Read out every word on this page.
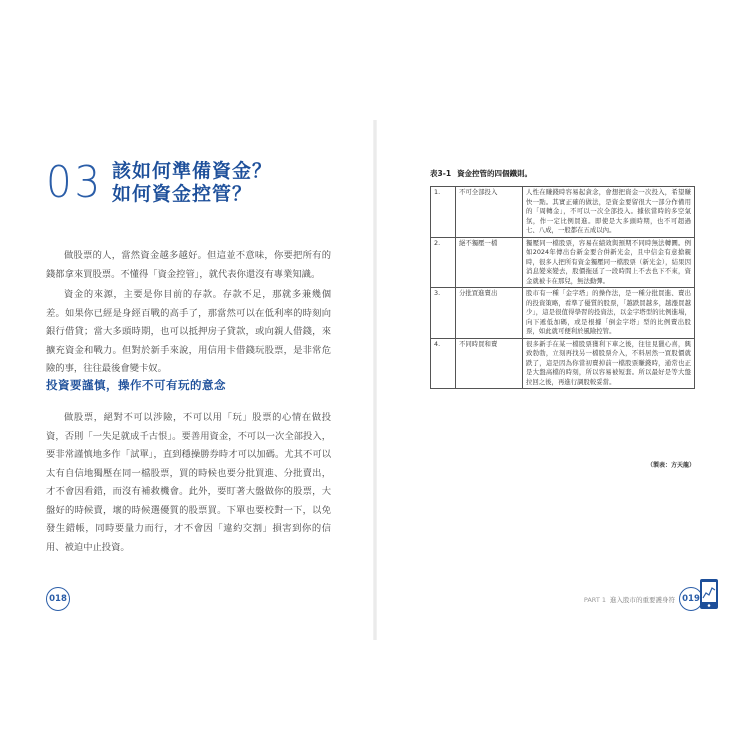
03 該如何準備資金？
如何資金控管？

做股票的人，當然資金越多越好。但這並不意味，你要把所有的錢都拿來買股票。不懂得「資金控管」，就代表你還沒有專業知識。

資金的來源，主要是你目前的存款。存款不足，那就多兼幾個差。如果你已經是身經百戰的高手了，那當然可以在低利率的時刻向銀行借貸；當大多頭時期，也可以抵押房子貸款，或向親人借錢，來擴充資金和戰力。但對於新手來說，用信用卡借錢玩股票，是非常危險的事，往往最後會變卡奴。

投資要謹慎，操作不可有玩的意念

做股票，絕對不可以涉險，不可以用「玩」股票的心情在做投資，否則「一失足就成千古恨」。要善用資金，不可以一次全部投入，要非常謹慎地多作「試單」，直到穩操勝券時才可以加碼。尤其不可以太有自信地獨壓在同一檔股票，買的時候也要分批買進、分批賣出，才不會因看錯，而沒有補救機會。此外，要盯著大盤做你的股票，大盤好的時候賣，壞的時候選優質的股票買。下單也要校對一下，以免發生錯帳，同時要量力而行，才不會因「違約交割」損害到你的信用、被迫中止投資。

018
表3-1 資金控管的四個鐵則。
1.	不可全部投入	人性在賺錢時容易起貪念，會想把資金一次投入，希望賺快一點。其實正確的做法，是資金要留很大一部分作備用的「周轉金」，不可以一次全部投入。據依當時的多空氣氛，作一定比例買進。即使是大多頭時期，也不可超過七、八成，一般都在五成以內。
2.	絕不獨壓一檔	獨壓同一檔股票，容易在績效與預期不同時無法轉圜。例如2024年傳出台新金要合併新光金，且中信金有意搶親時，很多人把所有資金獨壓同一檔股票（新光金），結果因消息變來變去，股價拖延了一段時間上不去也下不來，資金就被卡在那兒，無法動彈。
3.	分批買進賣出	股市有一種「金字塔」的操作法，是一種分批買進、賣出的投資策略，看準了優質的股票，「越跌買越多，越漲買越少」，這是很值得學習的投資法，以金字塔型的比例進場，向下遞低加碼，或是根據「倒金字塔」型的比例賣出股票，如此就可便利於風險控管。
4.	不同時買和賣	很多新手在某一檔股票獲利下車之後，往往見獵心喜，興致勃勃，立刻再找另一檔股票介入，不料居然一買股價就跌了，這是因為你當初賣掉前一檔股票賺錢時，通常也正是大盤高檔的時刻，所以容易被短套。所以最好是等大盤拉回之後，再進行調股較妥當。
（製表：方天龍）
PART 1 進入股市的重要護身符 019
